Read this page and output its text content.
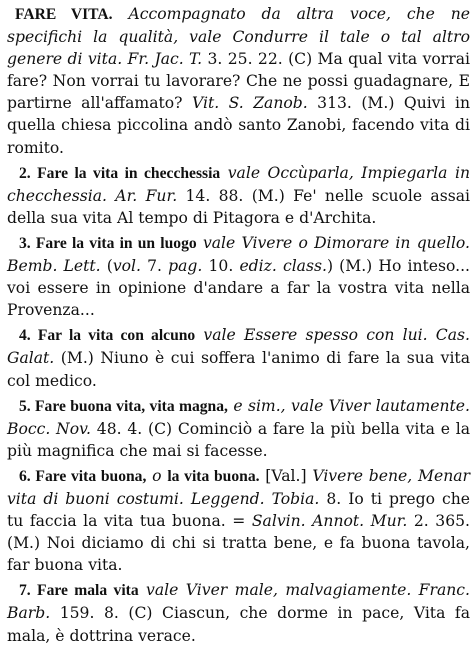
FARE VITA. Accompagnato da altra voce, che ne specifichi la qualità, vale Condurre il tale o tal altro genere di vita. Fr. Jac. T. 3. 25. 22. (C) Ma qual vita vorrai fare? Non vorrai tu lavorare? Che ne possi guadagnare, E partirne all'affamato? Vit. S. Zanob. 313. (M.) Quivi in quella chiesa piccolina andò santo Zanobi, facendo vita di romito.

2. Fare la vita in checchessia vale Occùparla, Impiegarla in checchessia. Ar. Fur. 14. 88. (M.) Fe' nelle scuole assai della sua vita Al tempo di Pitagora e d'Archita.

3. Fare la vita in un luogo vale Vivere o Dimorare in quello. Bemb. Lett. (vol. 7. pag. 10. ediz. class.) (M.) Ho inteso... voi essere in opinione d'andare a far la vostra vita nella Provenza...

4. Far la vita con alcuno vale Essere spesso con lui. Cas. Galat. (M.) Niuno è cui soffera l'animo di fare la sua vita col medico.

5. Fare buona vita, vita magna, e sim., vale Viver lautamente. Bocc. Nov. 48. 4. (C) Cominciò a fare la più bella vita e la più magnifica che mai si facesse.

6. Fare vita buona, o la vita buona. [Val.] Vivere bene, Menar vita di buoni costumi. Leggend. Tobia. 8. Io ti prego che tu faccia la vita tua buona. = Salvin. Annot. Mur. 2. 365. (M.) Noi diciamo di chi si tratta bene, e fa buona tavola, far buona vita.

7. Fare mala vita vale Viver male, malvagiamente. Franc. Barb. 159. 8. (C) Ciascun, che dorme in pace, Vita fa mala, è dottrina verace.
